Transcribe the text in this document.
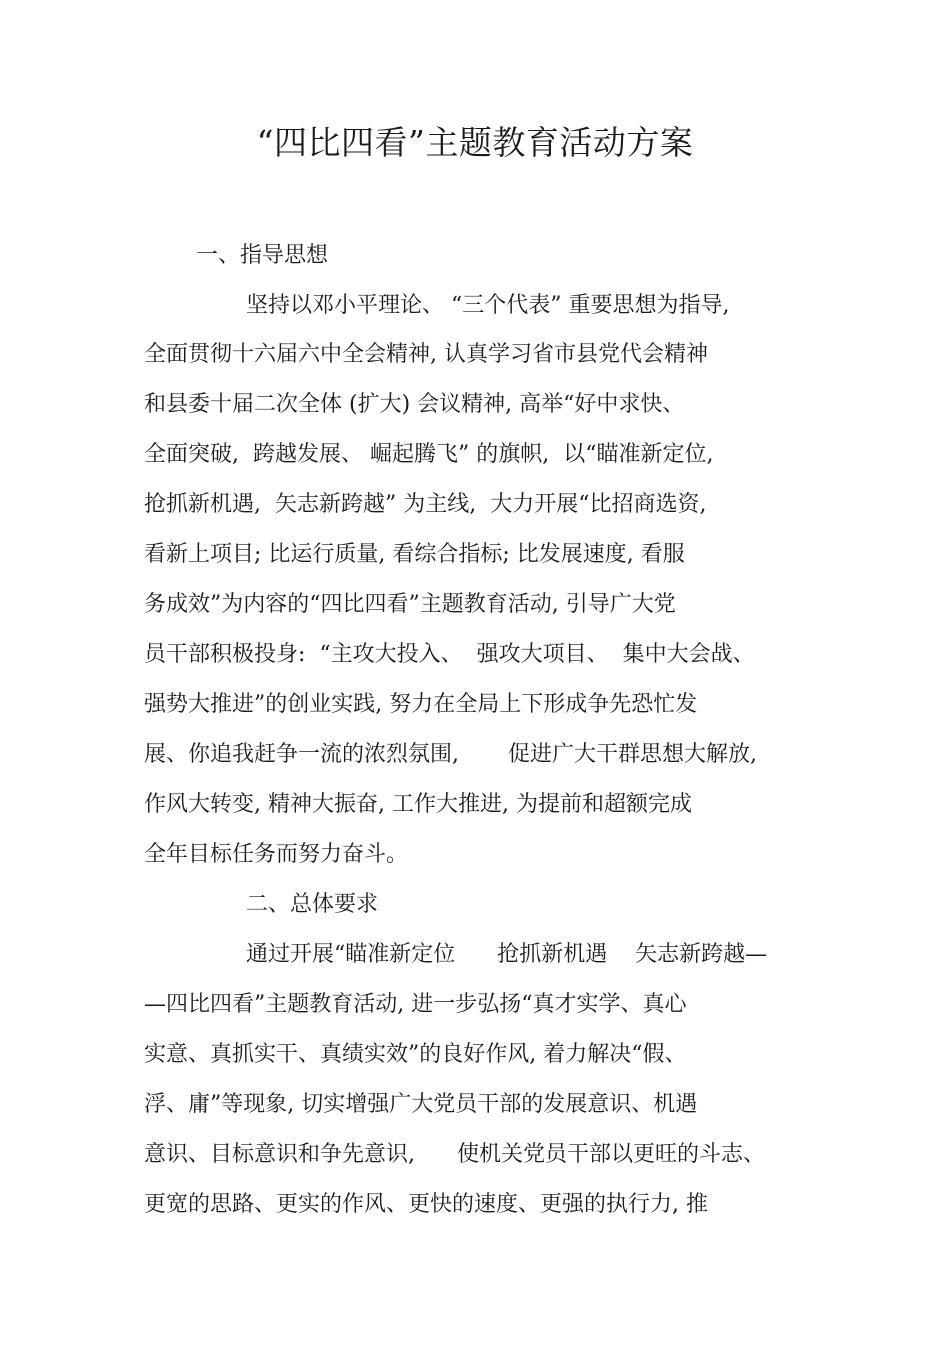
“四比四看”主题教育活动方案
一、指导思想
坚持以邓小平理论、 “三个代表” 重要思想为指导,
全面贯彻十六届六中全会精神, 认真学习省市县党代会精神
和县委十届二次全体 (扩大) 会议精神, 高举“好中求快、
全面突破,  跨越发展、 崛起腾飞” 的旗帜,  以“瞄准新定位,
抢抓新机遇,  矢志新跨越” 为主线,  大力开展“比招商选资,
看新上项目; 比运行质量, 看综合指标; 比发展速度, 看服
务成效”为内容的“四比四看”主题教育活动, 引导广大党
员干部积极投身:  “主攻大投入、  强攻大项目、  集中大会战、
强势大推进”的创业实践, 努力在全局上下形成争先恐忙发
展、你追我赶争一流的浓烈氛围,       促进广大干群思想大解放,
作风大转变, 精神大振奋, 工作大推进, 为提前和超额完成
全年目标任务而努力奋斗。
二、总体要求
通过开展“瞄准新定位      抢抓新机遇    矢志新跨越—
—四比四看”主题教育活动, 进一步弘扬“真才实学、真心
实意、真抓实干、真绩实效”的良好作风, 着力解决“假、
浮、庸”等现象, 切实增强广大党员干部的发展意识、机遇
意识、目标意识和争先意识,      使机关党员干部以更旺的斗志、
更宽的思路、更实的作风、更快的速度、更强的执行力, 推
